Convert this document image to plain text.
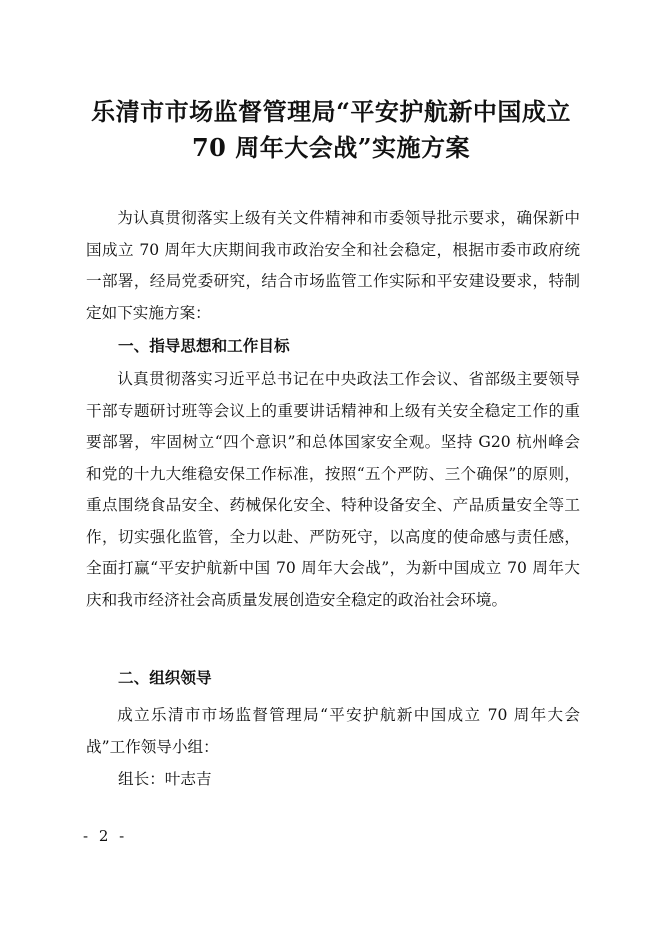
乐清市市场监督管理局“平安护航新中国成立
70 周年大会战”实施方案
为认真贯彻落实上级有关文件精神和市委领导批示要求，确保新中国成立 70 周年大庆期间我市政治安全和社会稳定，根据市委市政府统一部署，经局党委研究，结合市场监管工作实际和平安建设要求，特制定如下实施方案：
一、指导思想和工作目标
认真贯彻落实习近平总书记在中央政法工作会议、省部级主要领导干部专题研讨班等会议上的重要讲话精神和上级有关安全稳定工作的重要部署，牢固树立“四个意识”和总体国家安全观。坚持 G20 杭州峰会和党的十九大维稳安保工作标准，按照“五个严防、三个确保”的原则，重点围绕食品安全、药械保化安全、特种设备安全、产品质量安全等工作，切实强化监管，全力以赴、严防死守，以高度的使命感与责任感，全面打赢“平安护航新中国 70 周年大会战”，为新中国成立 70 周年大庆和我市经济社会高质量发展创造安全稳定的政治社会环境。
二、组织领导
成立乐清市市场监督管理局“平安护航新中国成立 70 周年大会战”工作领导小组：
组长：叶志吉
- 2 -
